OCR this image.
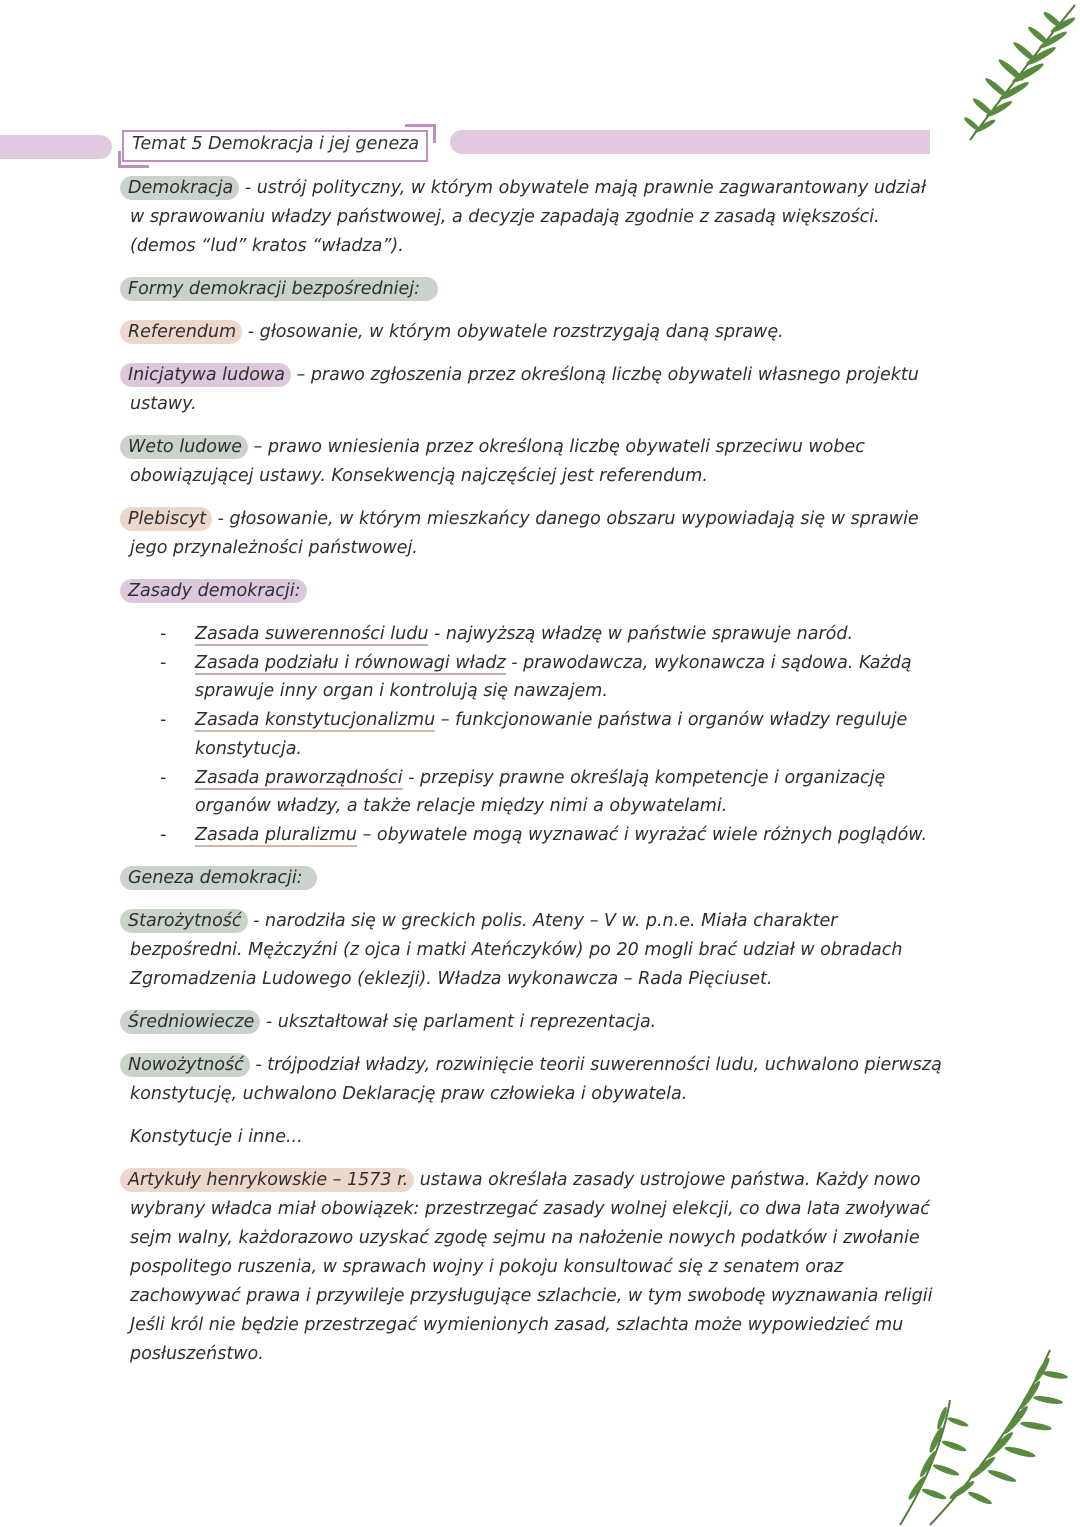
Temat 5 Demokracja i jej geneza
Demokracja - ustrój polityczny, w którym obywatele mają prawnie zagwarantowany udział
w sprawowaniu władzy państwowej, a decyzje zapadają zgodnie z zasadą większości.
(demos “lud” kratos “władza”).
Formy demokracji bezpośredniej:
Referendum - głosowanie, w którym obywatele rozstrzygają daną sprawę.
Inicjatywa ludowa – prawo zgłoszenia przez określoną liczbę obywateli własnego projektu
ustawy.
Weto ludowe – prawo wniesienia przez określoną liczbę obywateli sprzeciwu wobec
obowiązującej ustawy. Konsekwencją najczęściej jest referendum.
Plebiscyt - głosowanie, w którym mieszkańcy danego obszaru wypowiadają się w sprawie
jego przynależności państwowej.
Zasady demokracji:
- Zasada suwerenności ludu - najwyższą władzę w państwie sprawuje naród.
- Zasada podziału i równowagi władz - prawodawcza, wykonawcza i sądowa. Każdą
sprawuje inny organ i kontrolują się nawzajem.
- Zasada konstytucjonalizmu – funkcjonowanie państwa i organów władzy reguluje
konstytucja.
- Zasada praworządności - przepisy prawne określają kompetencje i organizację
organów władzy, a także relacje między nimi a obywatelami.
- Zasada pluralizmu – obywatele mogą wyznawać i wyrażać wiele różnych poglądów.
Geneza demokracji:
Starożytność - narodziła się w greckich polis. Ateny – V w. p.n.e. Miała charakter
bezpośredni. Mężczyźni (z ojca i matki Ateńczyków) po 20 mogli brać udział w obradach
Zgromadzenia Ludowego (eklezji). Władza wykonawcza – Rada Pięciuset.
Średniowiecze - ukształtował się parlament i reprezentacja.
Nowożytność - trójpodział władzy, rozwinięcie teorii suwerenności ludu, uchwalono pierwszą
konstytucję, uchwalono Deklarację praw człowieka i obywatela.
Konstytucje i inne...
Artykuły henrykowskie – 1573 r. ustawa określała zasady ustrojowe państwa. Każdy nowo
wybrany władca miał obowiązek: przestrzegać zasady wolnej elekcji, co dwa lata zwoływać
sejm walny, każdorazowo uzyskać zgodę sejmu na nałożenie nowych podatków i zwołanie
pospolitego ruszenia, w sprawach wojny i pokoju konsultować się z senatem oraz
zachowywać prawa i przywileje przysługujące szlachcie, w tym swobodę wyznawania religii
Jeśli król nie będzie przestrzegać wymienionych zasad, szlachta może wypowiedzieć mu
posłuszeństwo.
